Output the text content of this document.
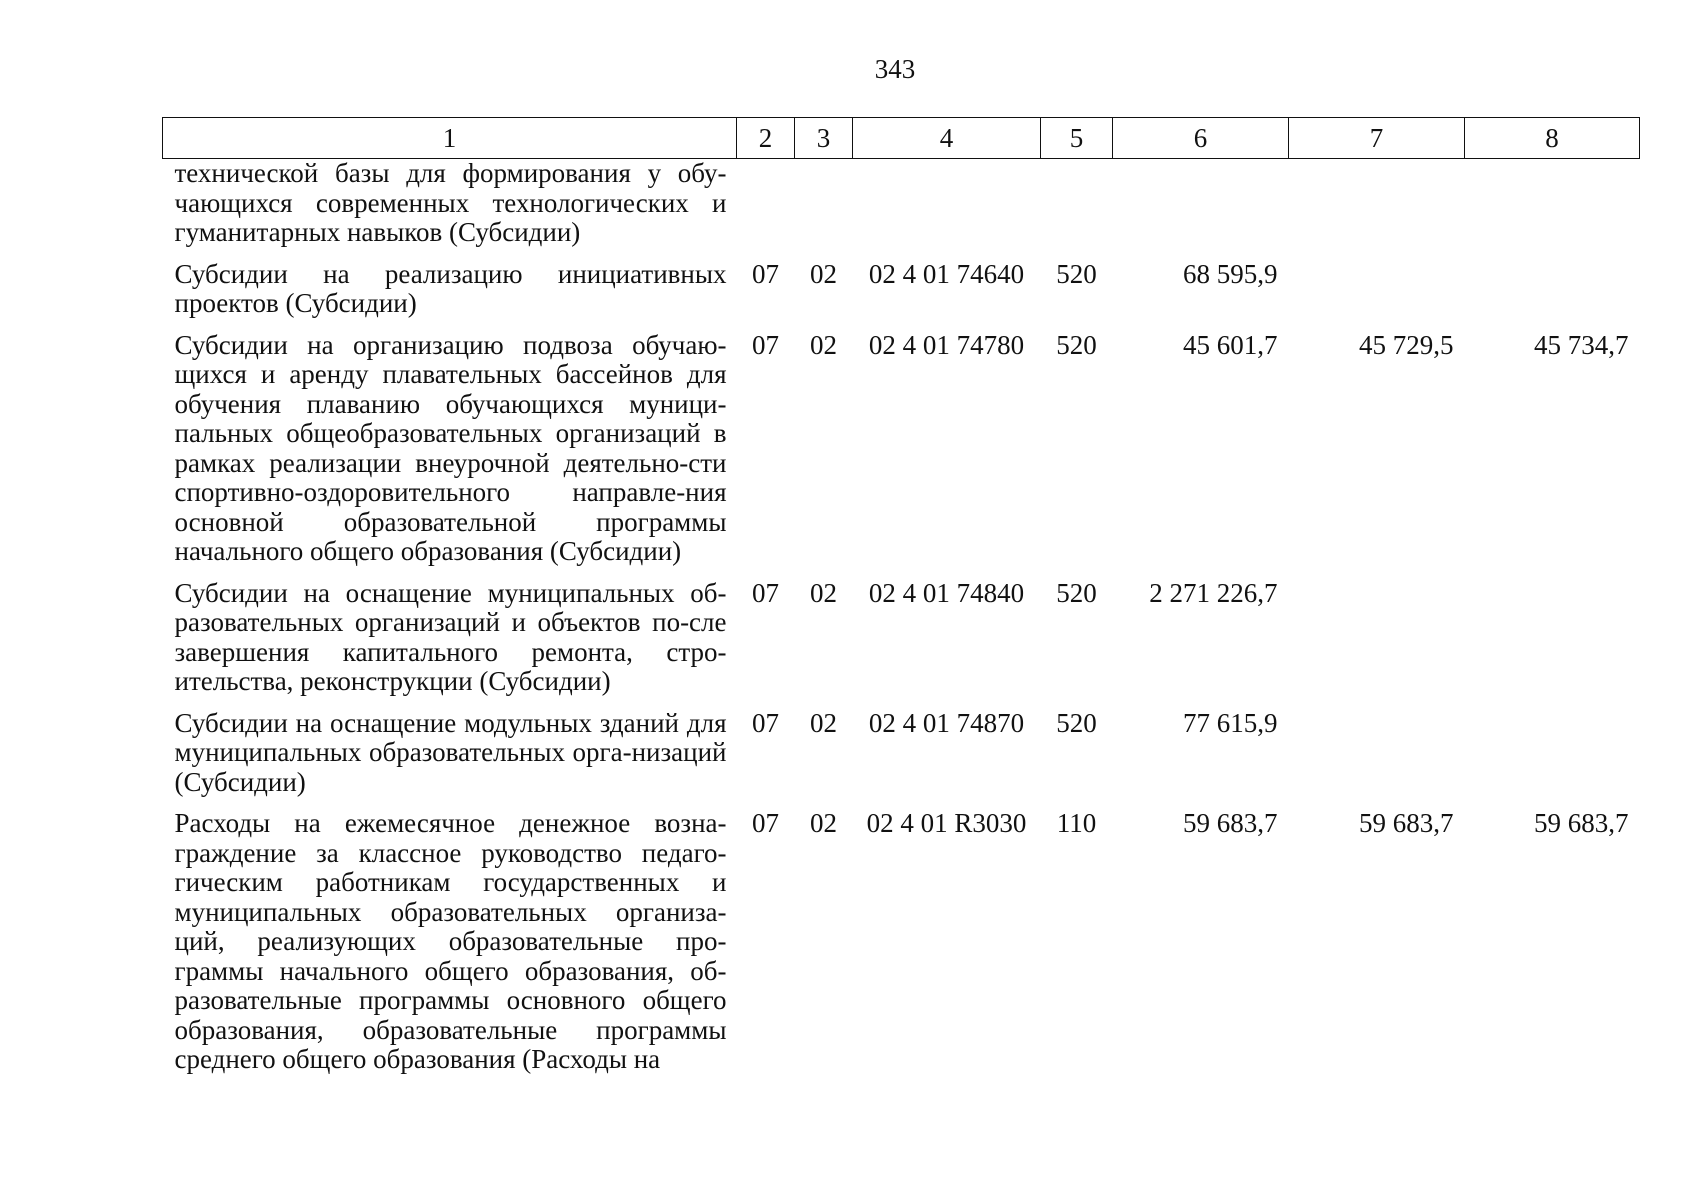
343
1	2	3	4	5	6	7	8
технической базы для формирования у обу-чающихся современных технологических и гуманитарных навыков (Субсидии)							
Субсидии на реализацию инициативных проектов (Субсидии)	07	02	02 4 01 74640	520	68 595,9		
Субсидии на организацию подвоза обучаю-щихся и аренду плавательных бассейнов для обучения плаванию обучающихся муници-пальных общеобразовательных организаций в рамках реализации внеурочной деятельно-сти спортивно-оздоровительного направле-ния основной образовательной программы начального общего образования (Субсидии)	07	02	02 4 01 74780	520	45 601,7	45 729,5	45 734,7
Субсидии на оснащение муниципальных об-разовательных организаций и объектов по-сле завершения капитального ремонта, стро-ительства, реконструкции (Субсидии)	07	02	02 4 01 74840	520	2 271 226,7		
Субсидии на оснащение модульных зданий для муниципальных образовательных орга-низаций (Субсидии)	07	02	02 4 01 74870	520	77 615,9		
Расходы на ежемесячное денежное возна-граждение за классное руководство педаго-гическим работникам государственных и муниципальных образовательных организа-ций, реализующих образовательные про-граммы начального общего образования, об-разовательные программы основного общего образования, образовательные программы среднего общего образования (Расходы на	07	02	02 4 01 R3030	110	59 683,7	59 683,7	59 683,7
